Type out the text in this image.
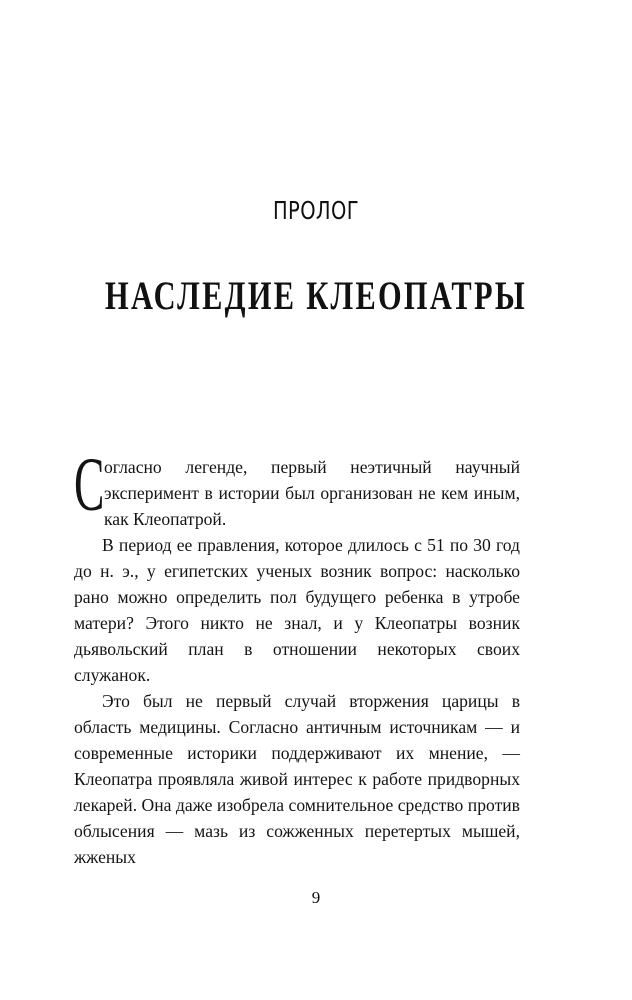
ПРОЛОГ
НАСЛЕДИЕ КЛЕОПАТРЫ

Согласно легенде, первый неэтичный научный эксперимент в истории был организован не кем иным, как Клеопатрой.

В период ее правления, которое длилось с 51 по 30 год до н. э., у египетских ученых возник вопрос: насколько рано можно определить пол будущего ребенка в утробе матери? Этого никто не знал, и у Клеопатры возник дьявольский план в отношении некоторых своих служанок.

Это был не первый случай вторжения царицы в область медицины. Согласно античным источникам — и современные историки поддерживают их мнение, — Клеопатра проявляла живой интерес к работе придворных лекарей. Она даже изобрела сомнительное средство против облысения — мазь из сожженных перетертых мышей, жженых

9
